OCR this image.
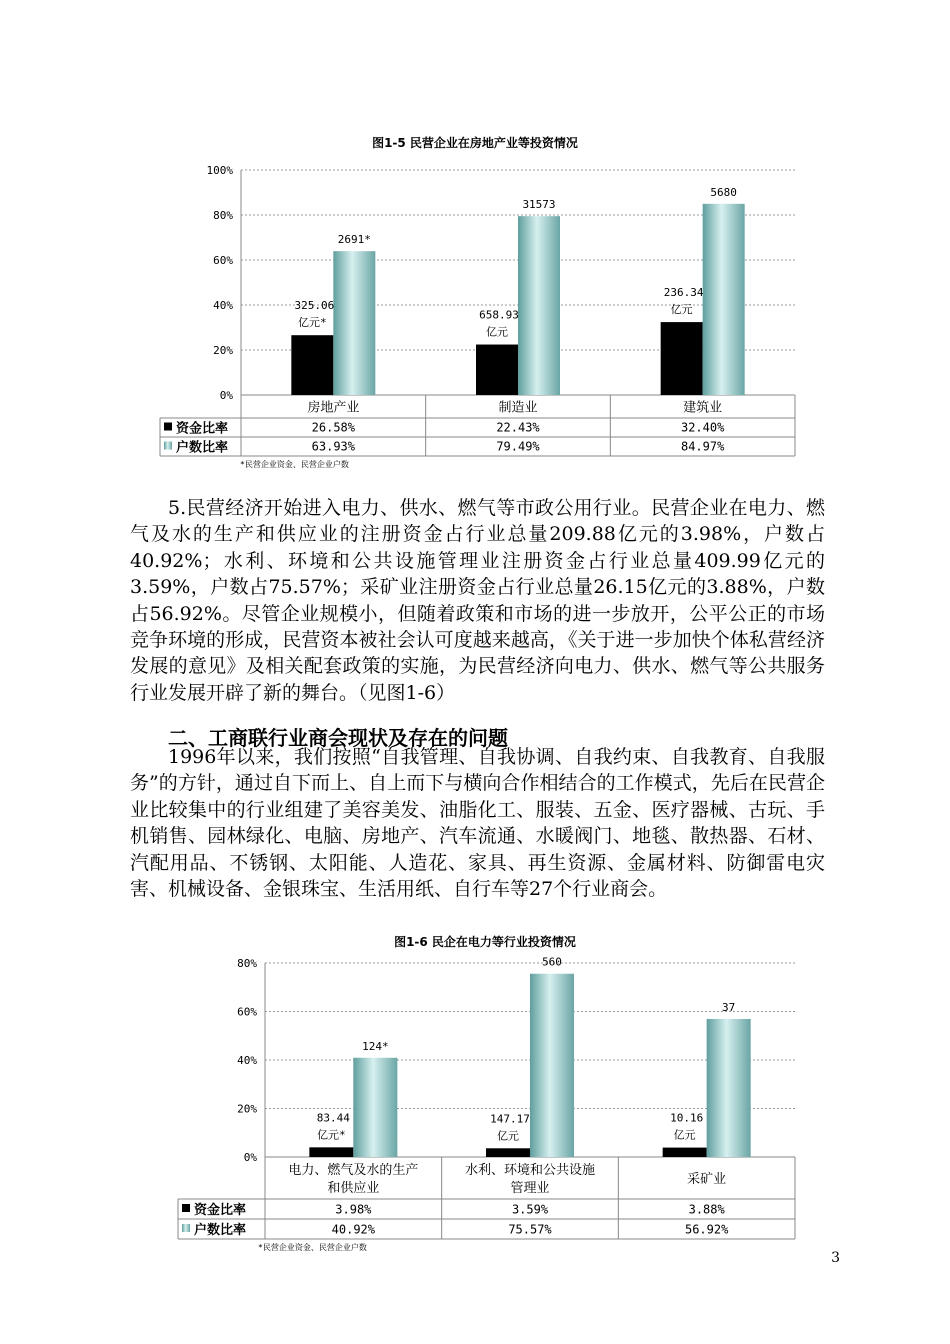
图1-5 民营企业在房地产业等投资情况
100%
80%
60%
40%
20%
0%
2691*
325.06
亿元*
房地产业
26.58%
63.93%
31573
658.93
亿元
制造业
22.43%
79.49%
5680
236.34
亿元
建筑业
32.40%
84.97%
资金比率
户数比率
*民营企业资金、民营企业户数

5.民营经济开始进入电力、供水、燃气等市政公用行业。民营企业在电力、燃气及水的生产和供应业的注册资金占行业总量209.88亿元的3.98%，户数占40.92%；水利、环境和公共设施管理业注册资金占行业总量409.99亿元的3.59%，户数占75.57%；采矿业注册资金占行业总量26.15亿元的3.88%，户数占56.92%。尽管企业规模小，但随着政策和市场的进一步放开，公平公正的市场竞争环境的形成，民营资本被社会认可度越来越高，《关于进一步加快个体私营经济发展的意见》及相关配套政策的实施，为民营经济向电力、供水、燃气等公共服务行业发展开辟了新的舞台。（见图1-6）

二、工商联行业商会现状及存在的问题

1996年以来，我们按照“自我管理、自我协调、自我约束、自我教育、自我服务”的方针，通过自下而上、自上而下与横向合作相结合的工作模式，先后在民营企业比较集中的行业组建了美容美发、油脂化工、服装、五金、医疗器械、古玩、手机销售、园林绿化、电脑、房地产、汽车流通、水暖阀门、地毯、散热器、石材、汽配用品、不锈钢、太阳能、人造花、家具、再生资源、金属材料、防御雷电灾害、机械设备、金银珠宝、生活用纸、自行车等27个行业商会。

图1-6 民企在电力等行业投资情况
80%
60%
40%
20%
0%
124*
83.44
亿元*
电力、燃气及水的生产
和供应业
3.98%
40.92%
560
147.17
亿元
水利、环境和公共设施
管理业
3.59%
75.57%
37
10.16
亿元
采矿业
3.88%
56.92%
资金比率
户数比率
*民营企业资金、民营企业户数
3
